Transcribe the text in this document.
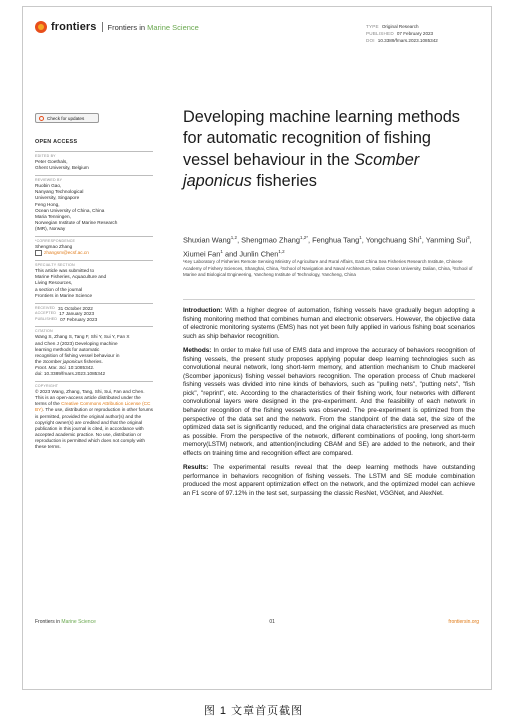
frontiers Frontiers in Marine Science	TYPE Original Research
PUBLISHED 07 February 2023
DOI 10.3389/fmars.2023.1085342
Check for updates
OPEN ACCESS
EDITED BY
Peter Goethals,
Ghent University, Belgium
REVIEWED BY
Ruobin Gao,
Nanyang Technological
University, Singapore
Feng Hong,
Ocean University of China, China
Maria Tenningen,
Norwegian Institute of Marine Research
(IMR), Norway
*CORRESPONDENCE
Shengmao Zhang
zhangsm@ecsf.ac.cn
SPECIALTY SECTION
This article was submitted to
Marine Fisheries, Aquaculture and
Living Resources,
a section of the journal
Frontiers in Marine Science
RECEIVED 31 October 2022
ACCEPTED 17 January 2023
PUBLISHED 07 February 2023
CITATION
Wang S, Zhang S, Tang F, Shi Y, Sui Y, Fan X
and Chen J (2023) Developing machine
learning methods for automatic
recognition of fishing vessel behaviour in
the Scomber japonicus fisheries.
Front. Mar. Sci. 10:1085342.
doi: 10.3389/fmars.2023.1085342
COPYRIGHT
© 2023 Wang, Zhang, Tang, Shi, Sui, Fan and Chen. This is an open-access article distributed under the terms of the Creative Commons Attribution License (CC BY). The use, distribution or reproduction in other forums is permitted, provided the original author(s) and the copyright owner(s) are credited and that the original publication in this journal is cited, in accordance with accepted academic practice. No use, distribution or reproduction is permitted which does not comply with these terms.
Developing machine learning methods for automatic recognition of fishing vessel behaviour in the Scomber japonicus fisheries
Shuxian Wang$^{1,2}$, Shengmao Zhang$^{1,2*}$, Fenghua Tang$^1$, Yongchuang Shi$^1$, Yanming Sui$^3$, Xiumei Fan$^1$ and Junlin Chen$^{1,2}$
¹Key Laboratory of Fisheries Remote Sensing Ministry of Agriculture and Rural Affairs, East China Sea Fisheries Research Institute, Chinese Academy of Fishery Sciences, Shanghai, China, ²School of Navigation and Naval Architecture, Dalian Ocean University, Dalian, China, ³School of Marine and Biological Engineering, Yancheng Institute of Technology, Yancheng, China

Introduction: With a higher degree of automation, fishing vessels have gradually begun adopting a fishing monitoring method that combines human and electronic observers. However, the objective data of electronic monitoring systems (EMS) has not yet been fully applied in various fishing boat scenarios such as ship behavior recognition.

Methods: In order to make full use of EMS data and improve the accuracy of behaviors recognition of fishing vessels, the present study proposes applying popular deep learning technologies such as convolutional neural network, long short-term memory, and attention mechanism to Chub mackerel (Scomber japonicus) fishing vessel behaviors recognition. The operation process of Chub mackerel fishing vessels was divided into nine kinds of behaviors, such as "pulling nets", "putting nets", "fish pick", "reprint", etc. According to the characteristics of their fishing work, four networks with different convolutional layers were designed in the pre-experiment. And the feasibility of each network in behavior recognition of the fishing vessels was observed. The pre-experiment is optimized from the perspective of the data set and the network. From the standpoint of the data set, the size of the optimized data set is significantly reduced, and the original data characteristics are preserved as much as possible. From the perspective of the network, different combinations of pooling, long short-term memory(LSTM) network, and attention(including CBAM and SE) are added to the network, and their effects on training time and recognition effect are compared.

Results: The experimental results reveal that the deep learning methods have outstanding performance in behaviors recognition of fishing vessels. The LSTM and SE module combination produced the most apparent optimization effect on the network, and the optimized model can achieve an F1 score of 97.12% in the test set, surpassing the classic ResNet, VGGNet, and AlexNet.

Frontiers in Marine Science	01	frontiersin.org
图 1 文章首页截图
